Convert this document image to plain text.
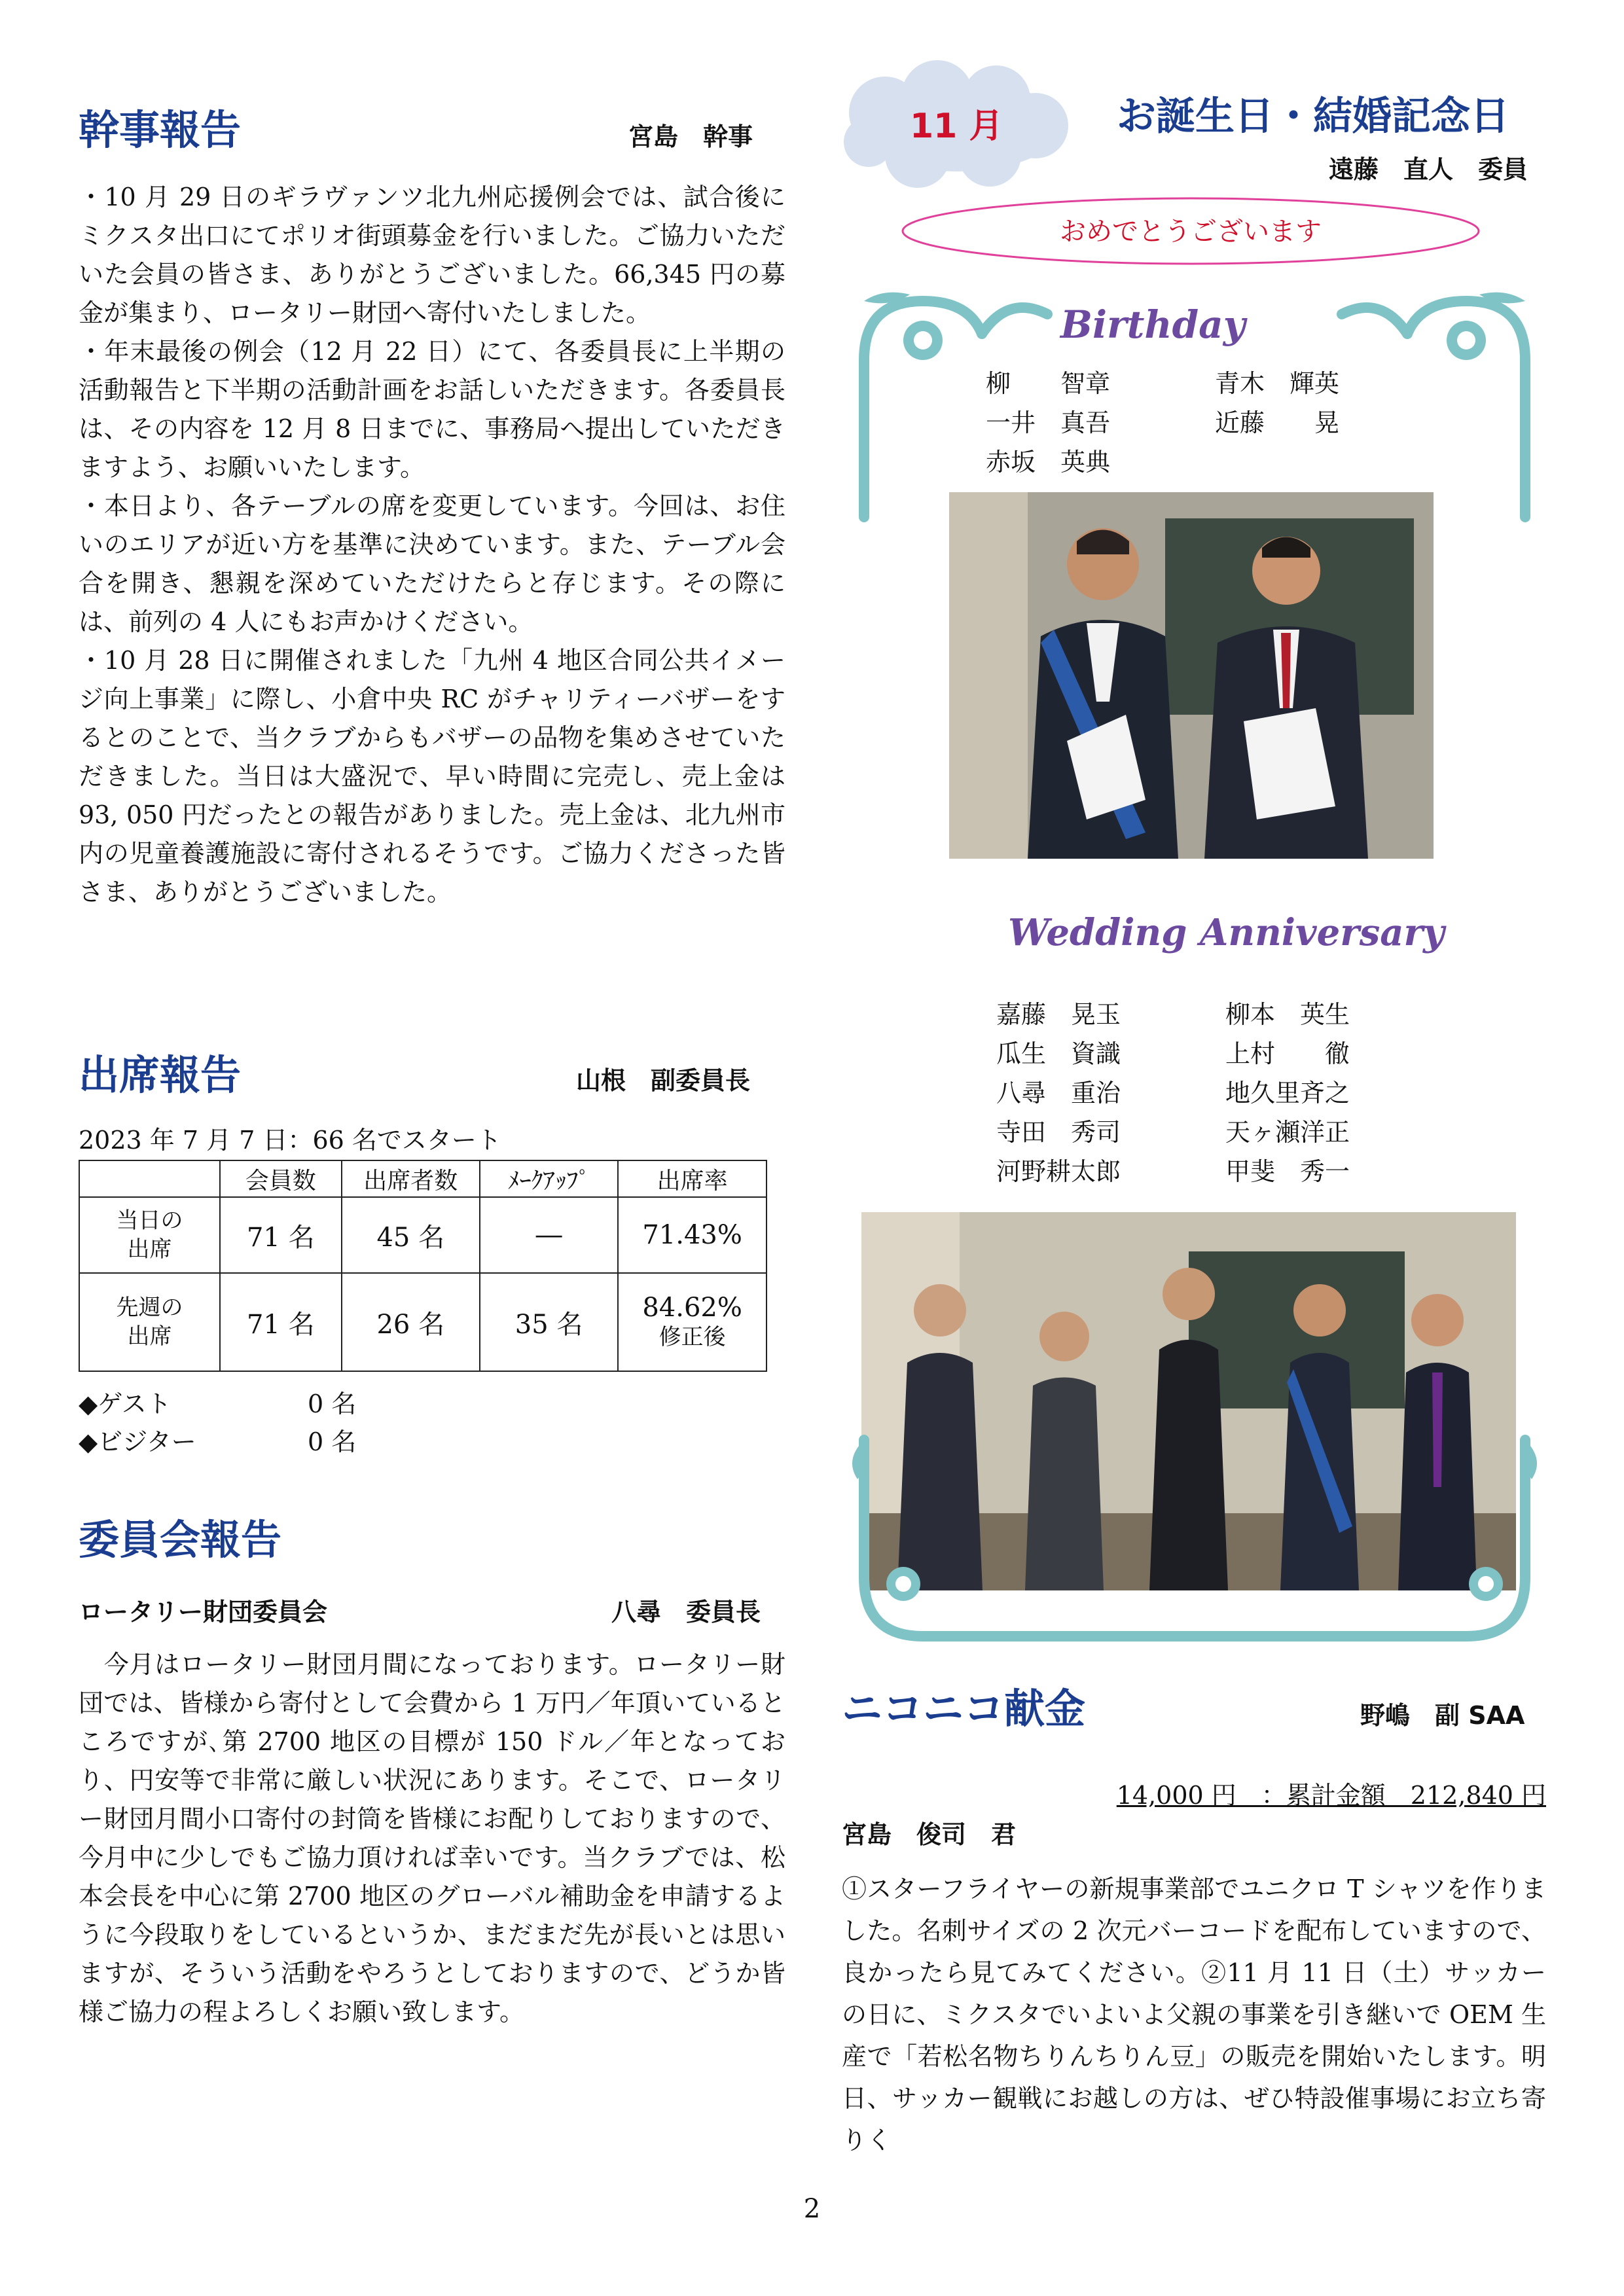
幹事報告	宮島　幹事

・10 月 29 日のギラヴァンツ北九州応援例会では、試合後にミクスタ出口にてポリオ街頭募金を行いました。ご協力いただいた会員の皆さま、ありがとうございました。66,345 円の募金が集まり、ロータリー財団へ寄付いたしました。

・年末最後の例会（12 月 22 日）にて、各委員長に上半期の活動報告と下半期の活動計画をお話しいただきます。各委員長は、その内容を 12 月 8 日までに、事務局へ提出していただきますよう、お願いいたします。

・本日より、各テーブルの席を変更しています。今回は、お住いのエリアが近い方を基準に決めています。また、テーブル会合を開き、懇親を深めていただけたらと存じます。その際には、前列の 4 人にもお声かけください。

・10 月 28 日に開催されました「九州 4 地区合同公共イメージ向上事業」に際し、小倉中央 RC がチャリティーバザーをするとのことで、当クラブからもバザーの品物を集めさせていただきました。当日は大盛況で、早い時間に完売し、売上金は 93, 050 円だったとの報告がありました。売上金は、北九州市内の児童養護施設に寄付されるそうです。ご協力くださった皆さま、ありがとうございました。

出席報告	山根　副委員長
2023 年 7 月 7 日：66 名でスタート
	会員数	出席者数	ﾒｰｸｱｯﾌﾟ	出席率

当日の
出席	71 名	45 名	―	71.43%

先週の
出席	71 名	26 名	35 名	84.62%
修正後
◆ゲスト	0 名
◆ビジター	0 名
委員会報告
ロータリー財団委員会	八尋　委員長
　今月はロータリー財団月間になっております。ロータリー財団では、皆様から寄付として会費から 1 万円／年頂いているところですが､第 2700 地区の目標が 150 ドル／年となっており、円安等で非常に厳しい状況にあります。そこで、ロータリー財団月間小口寄付の封筒を皆様にお配りしておりますので、今月中に少しでもご協力頂ければ幸いです。当クラブでは、松本会長を中心に第 2700 地区のグローバル補助金を申請するように今段取りをしているというか、まだまだ先が長いとは思いますが、そういう活動をやろうとしておりますので、どうか皆様ご協力の程よろしくお願い致します。
11 月	お誕生日・結婚記念日
遠藤　直人　委員
おめでとうございます
Birthday
柳　　智章	青木　輝英
一井　真吾	近藤　　晃
赤坂　英典
Wedding Anniversary
嘉藤　晃玉	柳本　英生
瓜生　資識	上村　　徹
八尋　重治	地久里斉之
寺田　秀司	天ヶ瀬洋正
河野耕太郎	甲斐　秀一
ニコニコ献金	野嶋　副 SAA
14,000 円　：累計金額　212,840 円
宮島　俊司　君
①スターフライヤーの新規事業部でユニクロ T シャツを作りました。名刺サイズの 2 次元バーコードを配布していますので、良かったら見てみてください。②11 月 11 日（土）サッカーの日に、ミクスタでいよいよ父親の事業を引き継いで OEM 生産で「若松名物ちりんちりん豆」の販売を開始いたします。明日、サッカー観戦にお越しの方は、ぜひ特設催事場にお立ち寄りく
2
